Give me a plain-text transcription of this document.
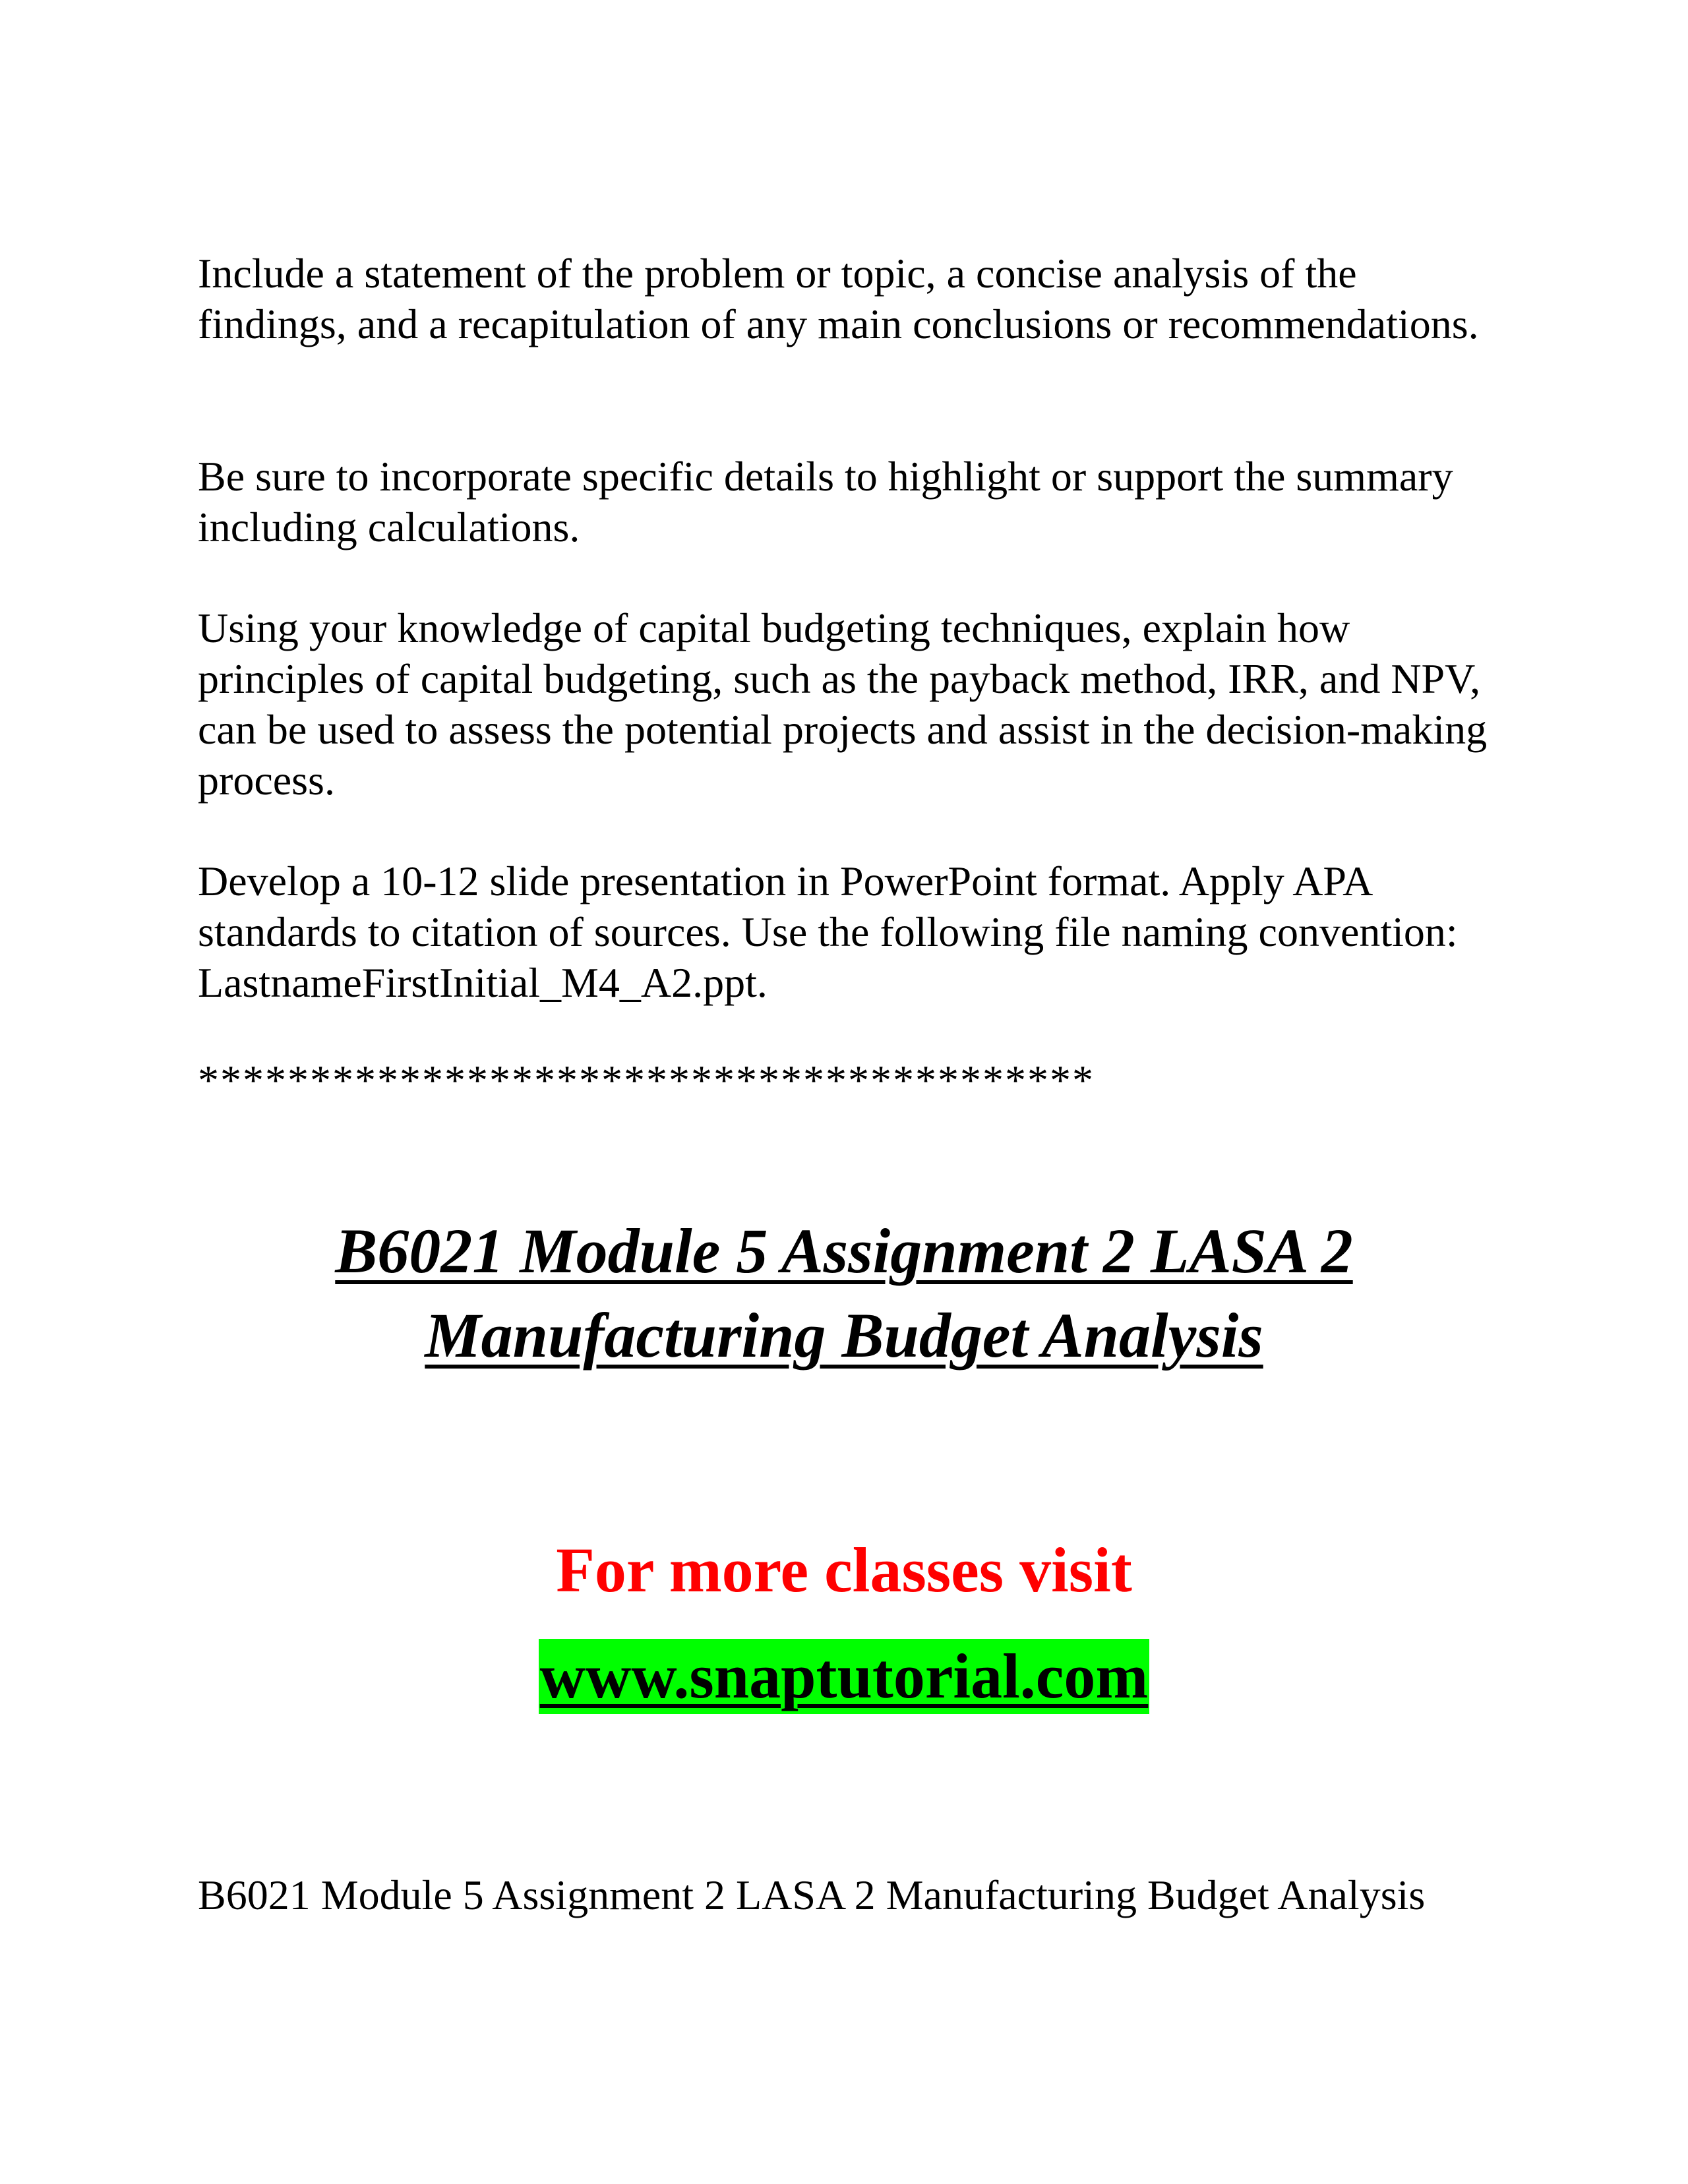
Include a statement of the problem or topic, a concise analysis of the findings, and a recapitulation of any main conclusions or recommendations.

Be sure to incorporate specific details to highlight or support the summary including calculations.

Using your knowledge of capital budgeting techniques, explain how principles of capital budgeting, such as the payback method, IRR, and NPV, can be used to assess the potential projects and assist in the decision-making process.

Develop a 10-12 slide presentation in PowerPoint format. Apply APA standards to citation of sources. Use the following file naming convention: LastnameFirstInitial_M4_A2.ppt.

****************************************

B6021 Module 5 Assignment 2 LASA 2
Manufacturing Budget Analysis

For more classes visit

www.snaptutorial.com

B6021 Module 5 Assignment 2 LASA 2 Manufacturing Budget Analysis
